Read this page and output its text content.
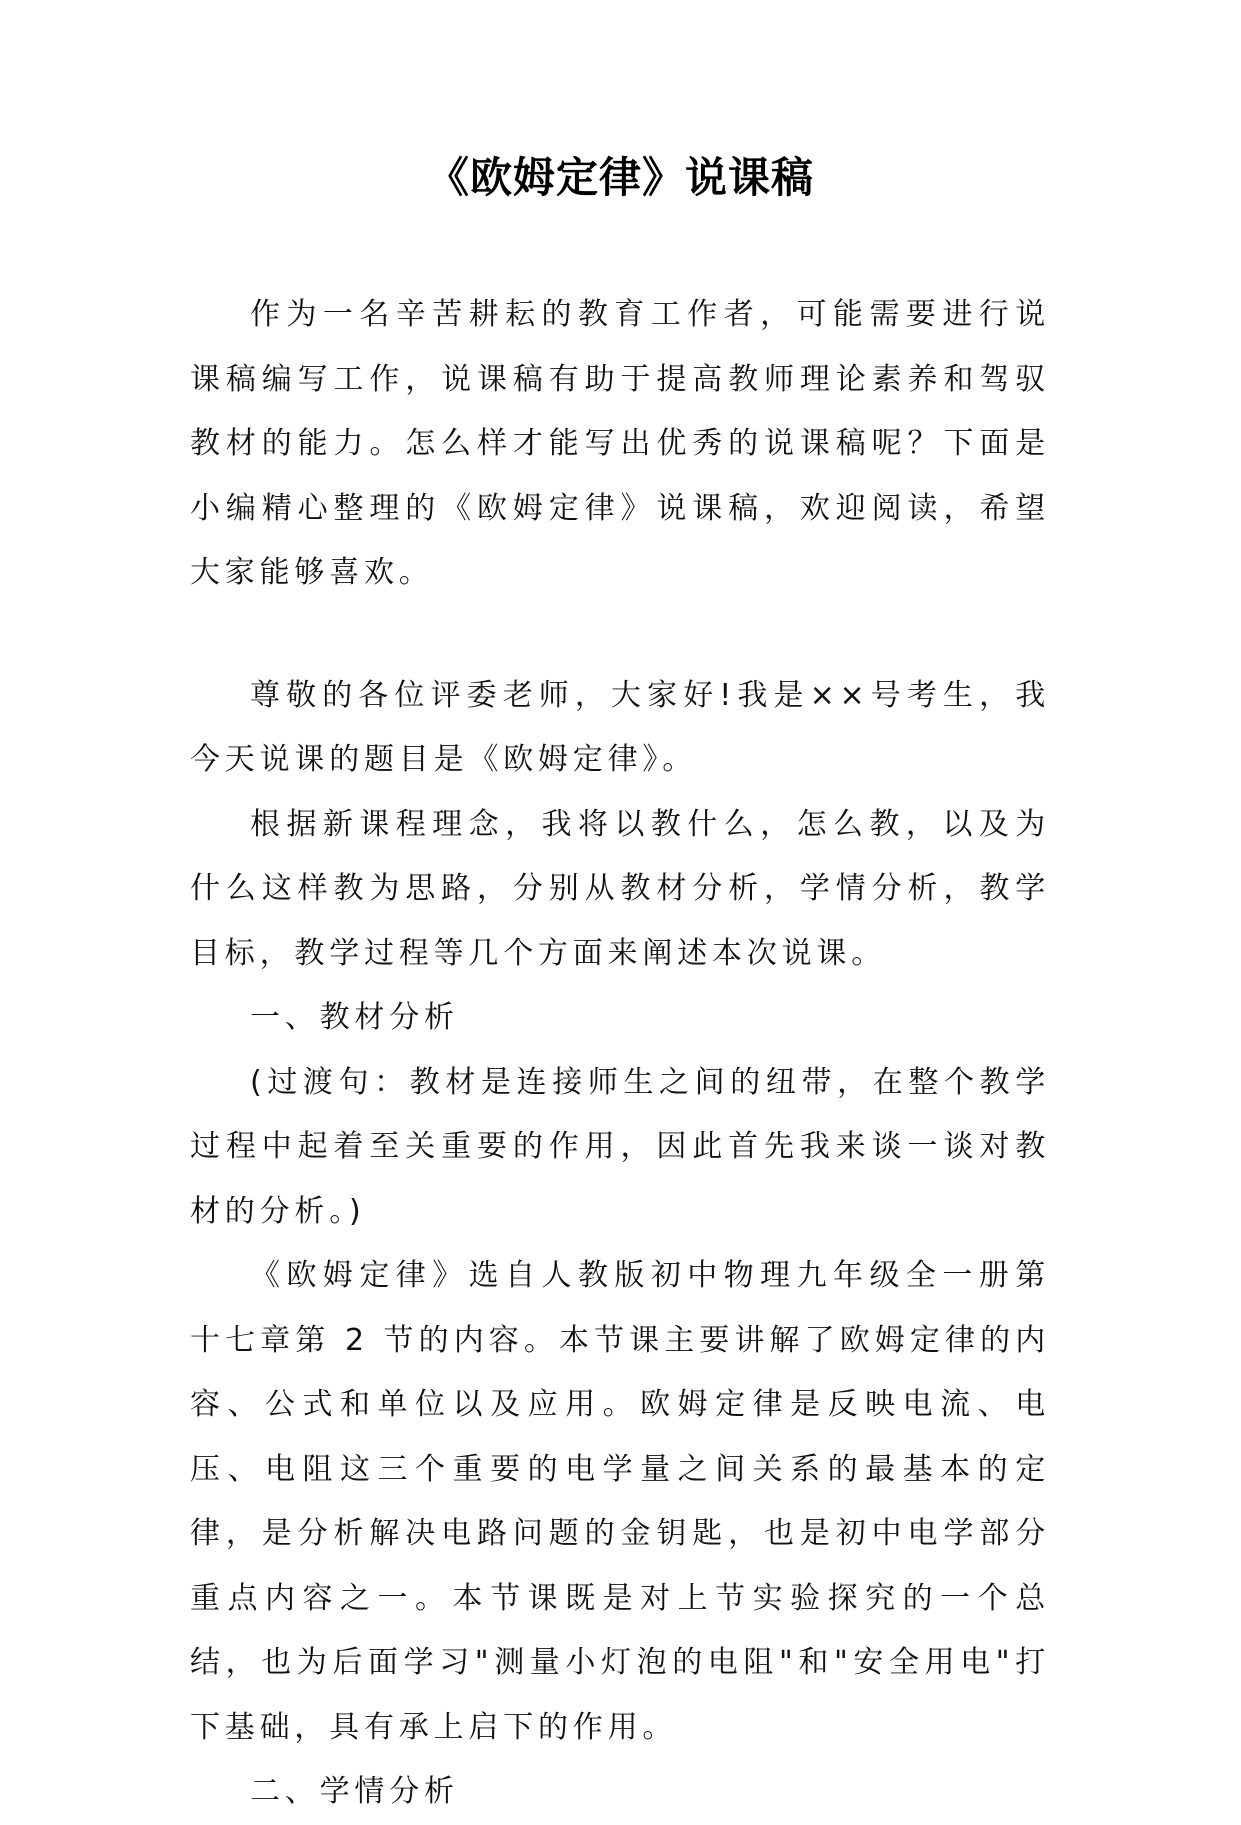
《欧姆定律》说课稿

作为一名辛苦耕耘的教育工作者，可能需要进行说课稿编写工作，说课稿有助于提高教师理论素养和驾驭教材的能力。怎么样才能写出优秀的说课稿呢？下面是小编精心整理的《欧姆定律》说课稿，欢迎阅读，希望大家能够喜欢。

尊敬的各位评委老师，大家好!我是××号考生，我今天说课的题目是《欧姆定律》。

根据新课程理念，我将以教什么，怎么教，以及为什么这样教为思路，分别从教材分析，学情分析，教学目标，教学过程等几个方面来阐述本次说课。

一、教材分析

(过渡句：教材是连接师生之间的纽带，在整个教学过程中起着至关重要的作用，因此首先我来谈一谈对教材的分析。)

《欧姆定律》选自人教版初中物理九年级全一册第十七章第 2 节的内容。本节课主要讲解了欧姆定律的内容、公式和单位以及应用。欧姆定律是反映电流、电压、电阻这三个重要的电学量之间关系的最基本的定律，是分析解决电路问题的金钥匙，也是初中电学部分重点内容之一。本节课既是对上节实验探究的一个总结，也为后面学习"测量小灯泡的电阻"和"安全用电"打下基础，具有承上启下的作用。

二、学情分析
